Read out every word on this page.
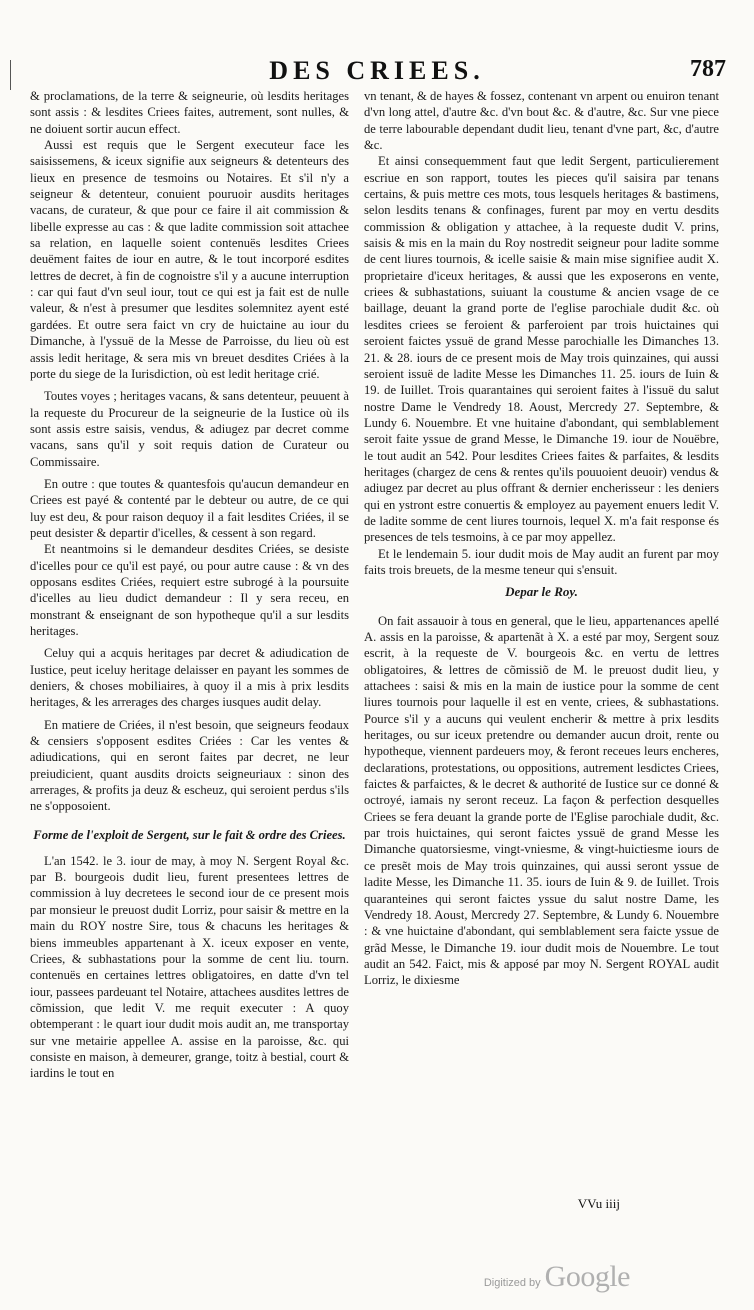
DES CRIEES.	787

& proclamations, de la terre & seigneurie, où lesdits heritages sont assis : & lesdites Criees faites, autrement, sont nulles, & ne doiuent sortir aucun effect.

Aussi est requis que le Sergent executeur face les saisissemens, & iceux signifie aux seigneurs & detenteurs des lieux en presence de tesmoins ou Notaires. Et s'il n'y a seigneur & detenteur, conuient pouruoir ausdits heritages vacans, de curateur, & que pour ce faire il ait commission & libelle expresse au cas : & que ladite commission soit attachee sa relation, en laquelle soient contenuës lesdites Criees deuëment faites de iour en autre, & le tout incorporé esdites lettres de decret, à fin de cognoistre s'il y a aucune interruption : car qui faut d'vn seul iour, tout ce qui est ja fait est de nulle valeur, & n'est à presumer que lesdites solemnitez ayent esté gardées. Et outre sera faict vn cry de huictaine au iour du Dimanche, à l'yssuë de la Messe de Parroisse, du lieu où est assis ledit heritage, & sera mis vn breuet desdites Criées à la porte du siege de la Iurisdiction, où est ledit heritage crié.

Toutes voyes ; heritages vacans, & sans detenteur, peuuent à la requeste du Procureur de la seigneurie de la Iustice où ils sont assis estre saisis, vendus, & adiugez par decret comme vacans, sans qu'il y soit requis dation de Curateur ou Commissaire.

En outre : que toutes & quantesfois qu'aucun demandeur en Criees est payé & contenté par le debteur ou autre, de ce qui luy est deu, & pour raison dequoy il a fait lesdites Criées, il se peut desister & departir d'icelles, & cessent à son regard.

Et neantmoins si le demandeur desdites Criées, se desiste d'icelles pour ce qu'il est payé, ou pour autre cause : & vn des opposans esdites Criées, requiert estre subrogé à la poursuite d'icelles au lieu dudict demandeur : Il y sera receu, en monstrant & enseignant de son hypotheque qu'il a sur lesdits heritages.

Celuy qui a acquis heritages par decret & adiudication de Iustice, peut iceluy heritage delaisser en payant les sommes de deniers, & choses mobiliaires, à quoy il a mis à prix lesdits heritages, & les arrerages des charges iusques audit delay.

En matiere de Criées, il n'est besoin, que seigneurs feodaux & censiers s'opposent esdites Criées : Car les ventes & adiudications, qui en seront faites par decret, ne leur preiudicient, quant ausdits droicts seigneuriaux : sinon des arrerages, & profits ja deuz & escheuz, qui seroient perdus s'ils ne s'opposoient.

Forme de l'exploit de Sergent, sur le fait & ordre des Criees.

L'an 1542. le 3. iour de may, à moy N. Sergent Royal &c. par B. bourgeois dudit lieu, furent presentees lettres de commission à luy decretees le second iour de ce present mois par monsieur le preuost dudit Lorriz, pour saisir & mettre en la main du ROY nostre Sire, tous & chacuns les heritages & biens immeubles appartenant à X. iceux exposer en vente, Criees, & subhastations pour la somme de cent liu. tourn. contenuës en certaines lettres obligatoires, en datte d'vn tel iour, passees pardeuant tel Notaire, attachees ausdites lettres de cõmission, que ledit V. me requit executer : A quoy obtemperant : le quart iour dudit mois audit an, me transportay sur vne metairie appellee A. assise en la paroisse, &c. qui consiste en maison, à demeurer, grange, toitz à bestial, court & iardins le tout en

vn tenant, & de hayes & fossez, contenant vn arpent ou enuiron tenant d'vn long attel, d'autre &c. d'vn bout &c. & d'autre, &c. Sur vne piece de terre labourable dependant dudit lieu, tenant d'vne part, &c, d'autre &c.

Et ainsi consequemment faut que ledit Sergent, particulierement escriue en son rapport, toutes les pieces qu'il saisira par tenans certains, & puis mettre ces mots, tous lesquels heritages & bastimens, selon lesdits tenans & confinages, furent par moy en vertu desdits commission & obligation y attachee, à la requeste dudit V. prins, saisis & mis en la main du Roy nostredit seigneur pour ladite somme de cent liures tournois, & icelle saisie & main mise signifiee audit X. proprietaire d'iceux heritages, & aussi que les exposerons en vente, criees & subhastations, suiuant la coustume & ancien vsage de ce baillage, deuant la grand porte de l'eglise parochiale dudit &c. où lesdites criees se feroient & parferoient par trois huictaines qui seroient faictes yssuë de grand Messe parochialle les Dimanches 13. 21. & 28. iours de ce present mois de May trois quinzaines, qui aussi seroient issuë de ladite Messe les Dimanches 11. 25. iours de Iuin & 19. de Iuillet. Trois quarantaines qui seroient faites à l'issuë du salut nostre Dame le Vendredy 18. Aoust, Mercredy 27. Septembre, & Lundy 6. Nouembre. Et vne huitaine d'abondant, qui semblablement seroit faite yssue de grand Messe, le Dimanche 19. iour de Nouëbre, le tout audit an 542. Pour lesdites Criees faites & parfaites, & lesdits heritages (chargez de cens & rentes qu'ils pouuoient deuoir) vendus & adiugez par decret au plus offrant & dernier encherisseur : les deniers qui en ystront estre conuertis & employez au payement enuers ledit V. de ladite somme de cent liures tournois, lequel X. m'a fait response és presences de tels tesmoins, à ce par moy appellez.

Et le lendemain 5. iour dudit mois de May audit an furent par moy faits trois breuets, de la mesme teneur qui s'ensuit.

Depar le Roy.

On fait assauoir à tous en general, que le lieu, appartenances apellé A. assis en la paroisse, & apartenãt à X. a esté par moy, Sergent souz escrit, à la requeste de V. bourgeois &c. en vertu de lettres obligatoires, & lettres de cõmissiõ de M. le preuost dudit lieu, y attachees : saisi & mis en la main de iustice pour la somme de cent liures tournois pour laquelle il est en vente, criees, & subhastations. Pource s'il y a aucuns qui veulent encherir & mettre à prix lesdits heritages, ou sur iceux pretendre ou demander aucun droit, rente ou hypotheque, viennent pardeuers moy, & feront receues leurs encheres, declarations, protestations, ou oppositions, autrement lesdictes Criees, faictes & parfaictes, & le decret & authorité de Iustice sur ce donné & octroyé, iamais ny seront receuz. La façon & perfection desquelles Criees se fera deuant la grande porte de l'Eglise parochiale dudit, &c. par trois huictaines, qui seront faictes yssuë de grand Messe les Dimanche quatorsiesme, vingt-vniesme, & vingt-huictiesme iours de ce presẽt mois de May trois quinzaines, qui aussi seront yssue de ladite Messe, les Dimanche 11. 35. iours de Iuin & 9. de Iuillet. Trois quaranteines qui seront faictes yssue du salut nostre Dame, les Vendredy 18. Aoust, Mercredy 27. Septembre, & Lundy 6. Nouembre : & vne huictaine d'abondant, qui semblablement sera faicte yssue de grãd Messe, le Dimanche 19. iour dudit mois de Nouembre. Le tout audit an 542. Faict, mis & apposé par moy N. Sergent ROYAL audit Lorriz, le dixiesme

VVu iiij
Digitized by Google
